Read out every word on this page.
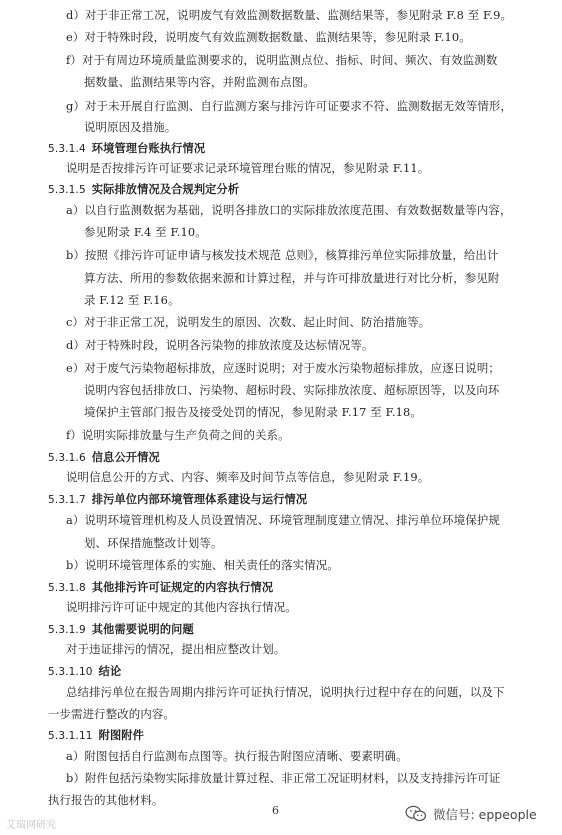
d）对于非正常工况，说明废气有效监测数据数量、监测结果等，参见附录 F.8 至 F.9。
e）对于特殊时段，说明废气有效监测数据数量、监测结果等，参见附录 F.10。
f）对于有周边环境质量监测要求的，说明监测点位、指标、时间、频次、有效监测数
据数量、监测结果等内容，并附监测布点图。
g）对于未开展自行监测、自行监测方案与排污许可证要求不符、监测数据无效等情形，
说明原因及措施。
5.3.1.4 环境管理台账执行情况
说明是否按排污许可证要求记录环境管理台账的情况，参见附录 F.11。
5.3.1.5 实际排放情况及合规判定分析
a）以自行监测数据为基础，说明各排放口的实际排放浓度范围、有效数据数量等内容，
参见附录 F.4 至 F.10。
b）按照《排污许可证申请与核发技术规范 总则》，核算排污单位实际排放量，给出计
算方法、所用的参数依据来源和计算过程，并与许可排放量进行对比分析，参见附
录 F.12 至 F.16。
c）对于非正常工况，说明发生的原因、次数、起止时间、防治措施等。
d）对于特殊时段，说明各污染物的排放浓度及达标情况等。
e）对于废气污染物超标排放，应逐时说明；对于废水污染物超标排放，应逐日说明；
说明内容包括排放口、污染物、超标时段、实际排放浓度、超标原因等，以及向环
境保护主管部门报告及接受处罚的情况，参见附录 F.17 至 F.18。
f）说明实际排放量与生产负荷之间的关系。
5.3.1.6 信息公开情况
说明信息公开的方式、内容、频率及时间节点等信息，参见附录 F.19。
5.3.1.7 排污单位内部环境管理体系建设与运行情况
a）说明环境管理机构及人员设置情况、环境管理制度建立情况、排污单位环境保护规
划、环保措施整改计划等。
b）说明环境管理体系的实施、相关责任的落实情况。
5.3.1.8 其他排污许可证规定的内容执行情况
说明排污许可证中规定的其他内容执行情况。
5.3.1.9 其他需要说明的问题
对于违证排污的情况，提出相应整改计划。
5.3.1.10 结论
总结排污单位在报告周期内排污许可证执行情况，说明执行过程中存在的问题，以及下
一步需进行整改的内容。
5.3.1.11 附图附件
a）附图包括自行监测布点图等。执行报告附图应清晰、要素明确。
b）附件包括污染物实际排放量计算过程、非正常工况证明材料，以及支持排污许可证
执行报告的其他材料。
6
艾瑞网研究
微信号: eppeople
